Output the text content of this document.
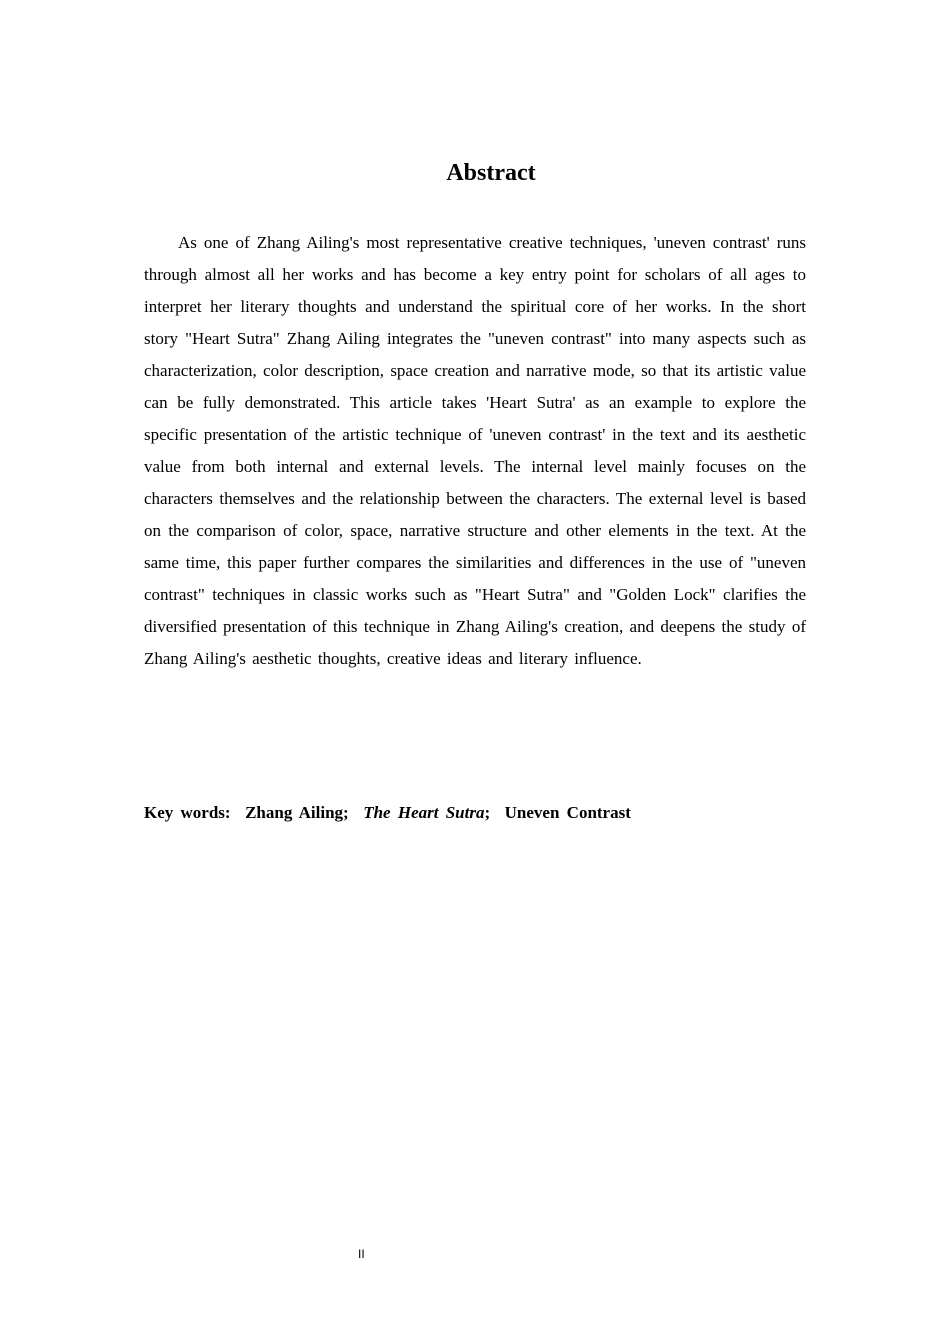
Abstract

As one of Zhang Ailing's most representative creative techniques, 'uneven contrast' runs through almost all her works and has become a key entry point for scholars of all ages to interpret her literary thoughts and understand the spiritual core of her works. In the short story "Heart Sutra" Zhang Ailing integrates the "uneven contrast" into many aspects such as characterization, color description, space creation and narrative mode, so that its artistic value can be fully demonstrated. This article takes 'Heart Sutra' as an example to explore the specific presentation of the artistic technique of 'uneven contrast' in the text and its aesthetic value from both internal and external levels. The internal level mainly focuses on the characters themselves and the relationship between the characters. The external level is based on the comparison of color, space, narrative structure and other elements in the text. At the same time, this paper further compares the similarities and differences in the use of "uneven contrast" techniques in classic works such as "Heart Sutra" and "Golden Lock" clarifies the diversified presentation of this technique in Zhang Ailing's creation, and deepens the study of Zhang Ailing's aesthetic thoughts, creative ideas and literary influence.

Key words: Zhang Ailing; The Heart Sutra; Uneven Contrast

II
